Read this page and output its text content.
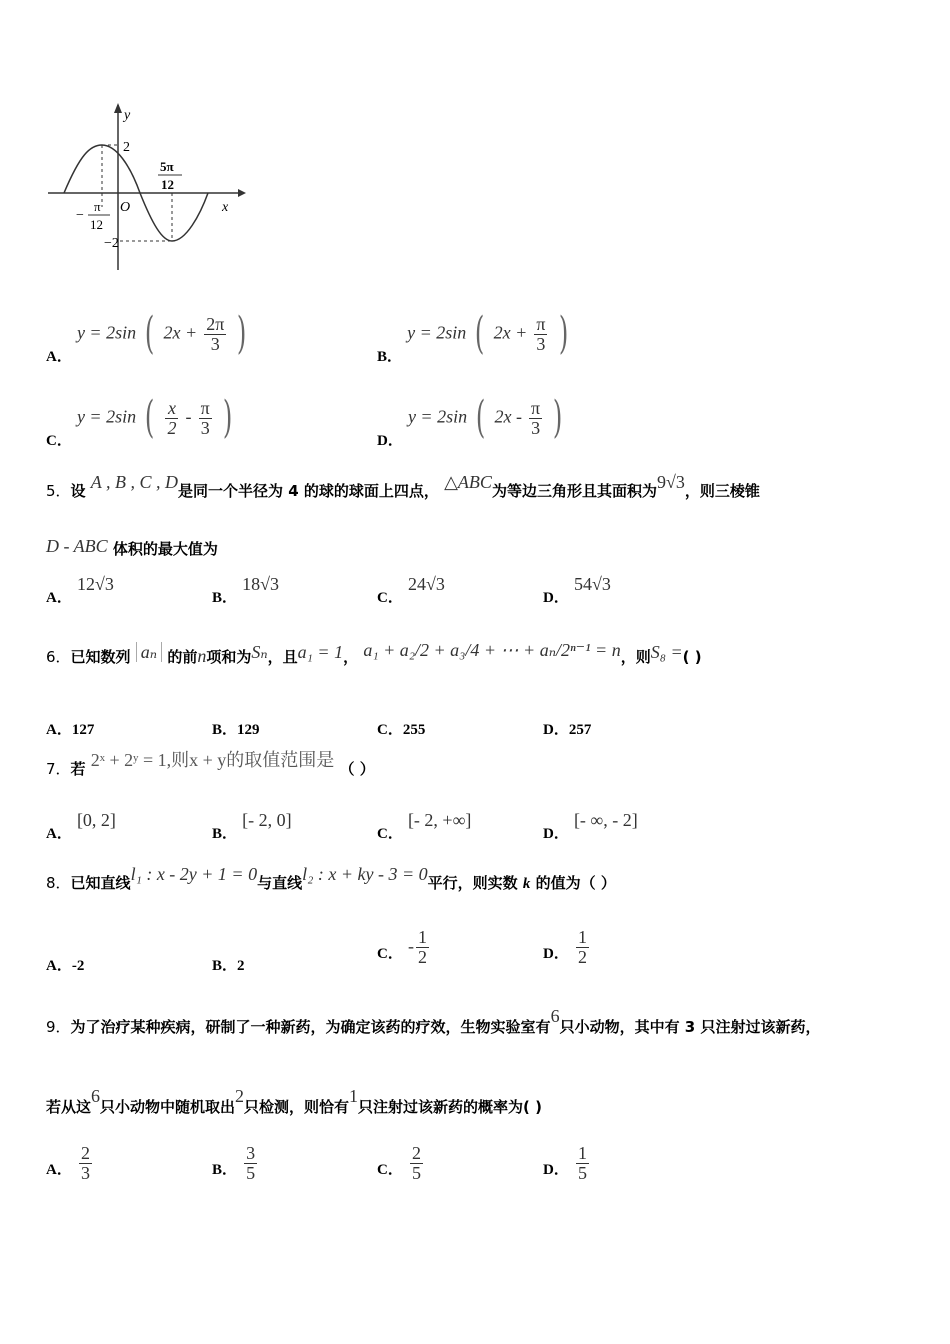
y
x
O
2
−2
−
π
12
5π
12
A． y = 2sin ( $2x + \frac{2\pi}{3}$ )	B． y = 2sin ( $2x + \frac{\pi}{3}$ )
C． y = 2sin ( $\frac{x}{2} - \frac{\pi}{3}$ )	D． y = 2sin ( $2x - \frac{\pi}{3}$ )
5．设 A , B , C , D是同一个半径为 4 的球的球面上四点， △ABC为等边三角形且其面积为9√3，则三棱锥
D - ABC 体积的最大值为
A． 12√3
B． 18√3
C． 24√3
D． 54√3
6．已知数列 aₙ 的前n项和为Sₙ，且a₁ = 1， a₁ + a₂/2 + a₃/4 + ⋯ + aₙ/2ⁿ⁻¹ = n，则S₈ =( )
A．127	B．129	C．255	D．257
7．若 2ˣ + 2ʸ = 1,则x + y的取值范围是 （ ）
A． [0, 2]
B． [- 2, 0]
C． [- 2, +∞]
D． [- ∞, - 2]
8．已知直线l₁ : x - 2y + 1 = 0与直线l₂ : x + ky - 3 = 0平行，则实数 k 的值为（ ）
A．-2	B．2
C． - $\frac{1}{2}$	D． $\frac{1}{2}$
9．为了治疗某种疾病，研制了一种新药，为确定该药的疗效，生物实验室有6只小动物，其中有 3 只注射过该新药，
若从这6只小动物中随机取出2只检测，则恰有1只注射过该新药的概率为( )
A． $\frac{2}{3}$	B． $\frac{3}{5}$	C． $\frac{2}{5}$	D． $\frac{1}{5}$
